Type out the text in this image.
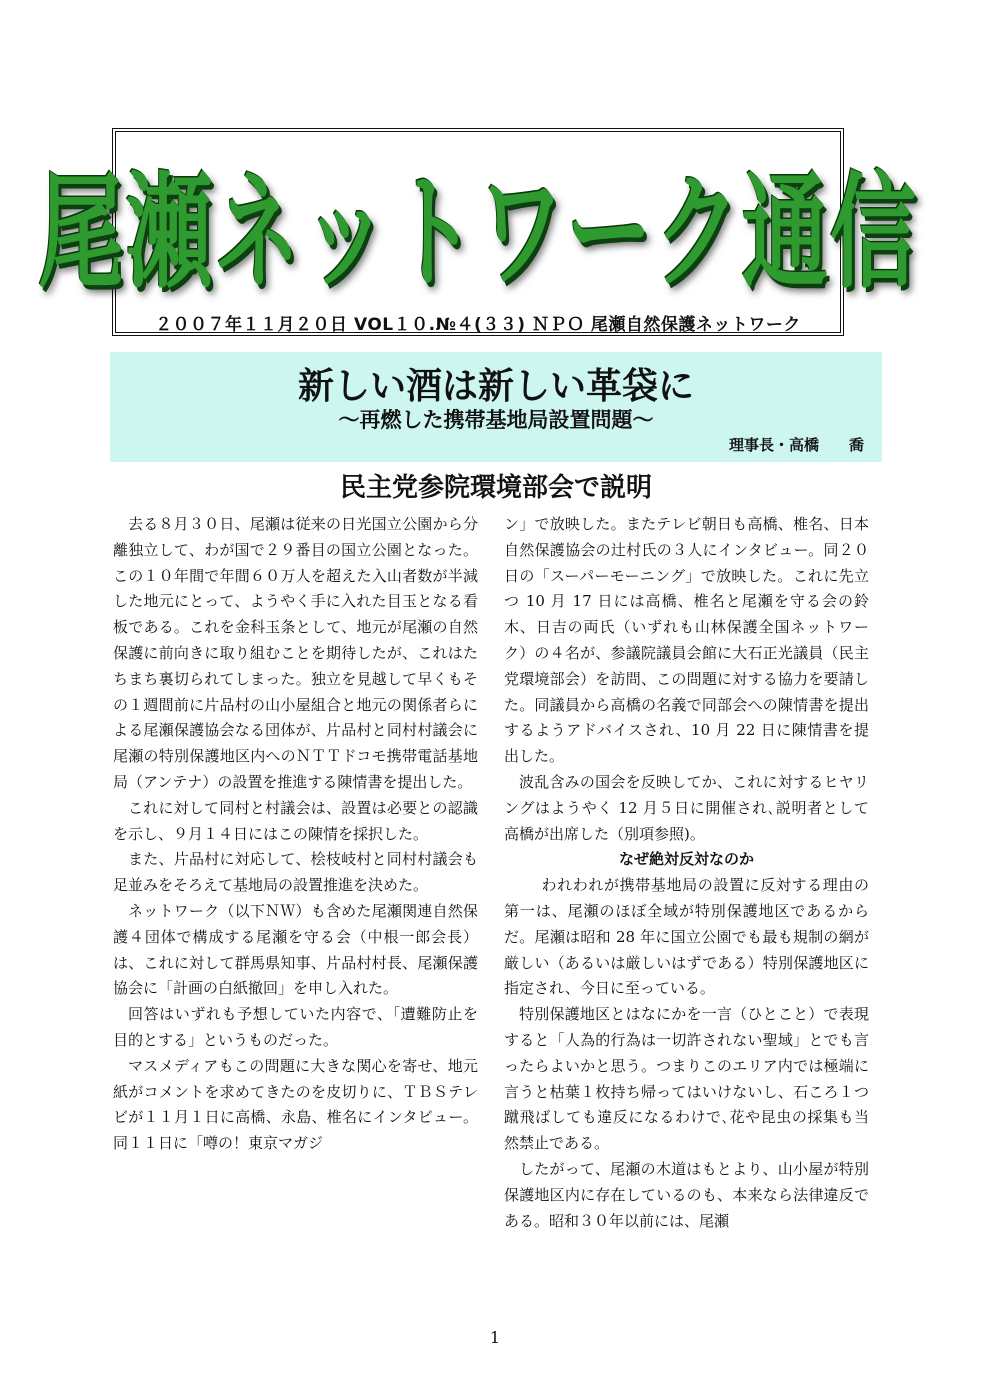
尾瀬ネットワーク通信
２００７年１１月２０日 VOL１０.№４(３３) ＮＰＯ 尾瀬自然保護ネットワーク
新しい酒は新しい革袋に
～再燃した携帯基地局設置問題～
理事長・高橋　　喬
民主党参院環境部会で説明

去る８月３０日、尾瀬は従来の日光国立公園から分離独立して、わが国で２９番目の国立公園となった。この１０年間で年間６０万人を超えた入山者数が半減した地元にとって、ようやく手に入れた目玉となる看板である。これを金科玉条として、地元が尾瀬の自然保護に前向きに取り組むことを期待したが、これはたちまち裏切られてしまった。独立を見越して早くもその１週間前に片品村の山小屋組合と地元の関係者らによる尾瀬保護協会なる団体が、片品村と同村村議会に尾瀬の特別保護地区内へのＮＴＴドコモ携帯電話基地局（アンテナ）の設置を推進する陳情書を提出した。

これに対して同村と村議会は、設置は必要との認識を示し、９月１４日にはこの陳情を採択した。

また、片品村に対応して、桧枝岐村と同村村議会も足並みをそろえて基地局の設置推進を決めた。

ネットワーク（以下ＮＷ）も含めた尾瀬関連自然保護４団体で構成する尾瀬を守る会（中根一郎会長）は、これに対して群馬県知事、片品村村長、尾瀬保護協会に「計画の白紙撤回」を申し入れた。

回答はいずれも予想していた内容で、「遭難防止を目的とする」というものだった。

マスメディアもこの問題に大きな関心を寄せ、地元紙がコメントを求めてきたのを皮切りに、ＴＢＳテレビが１１月１日に高橋、永島、椎名にインタビュー。同１１日に「噂の！東京マガジ

ン」で放映した。またテレビ朝日も高橋、椎名、日本自然保護協会の辻村氏の３人にインタビュー。同２０日の「スーパーモーニング」で放映した。これに先立つ 10 月 17 日には高橋、椎名と尾瀬を守る会の鈴木、日吉の両氏（いずれも山林保護全国ネットワーク）の４名が、参議院議員会館に大石正光議員（民主党環境部会）を訪問、この問題に対する協力を要請した。同議員から高橋の名義で同部会への陳情書を提出するようアドバイスされ、10 月 22 日に陳情書を提出した。

波乱含みの国会を反映してか、これに対するヒヤリングはようやく 12 月５日に開催され､説明者として高橋が出席した（別項参照)。

なぜ絶対反対なのか

われわれが携帯基地局の設置に反対する理由の第一は、尾瀬のほぼ全域が特別保護地区であるからだ。尾瀬は昭和 28 年に国立公園でも最も規制の網が厳しい（あるいは厳しいはずである）特別保護地区に指定され、今日に至っている。

特別保護地区とはなにかを一言（ひとこと）で表現すると「人為的行為は一切許されない聖域」とでも言ったらよいかと思う。つまりこのエリア内では極端に言うと枯葉１枚持ち帰ってはいけないし、石ころ１つ蹴飛ばしても違反になるわけで､花や昆虫の採集も当然禁止である。

したがって、尾瀬の木道はもとより、山小屋が特別保護地区内に存在しているのも、本来なら法律違反である。昭和３０年以前には、尾瀬

1
